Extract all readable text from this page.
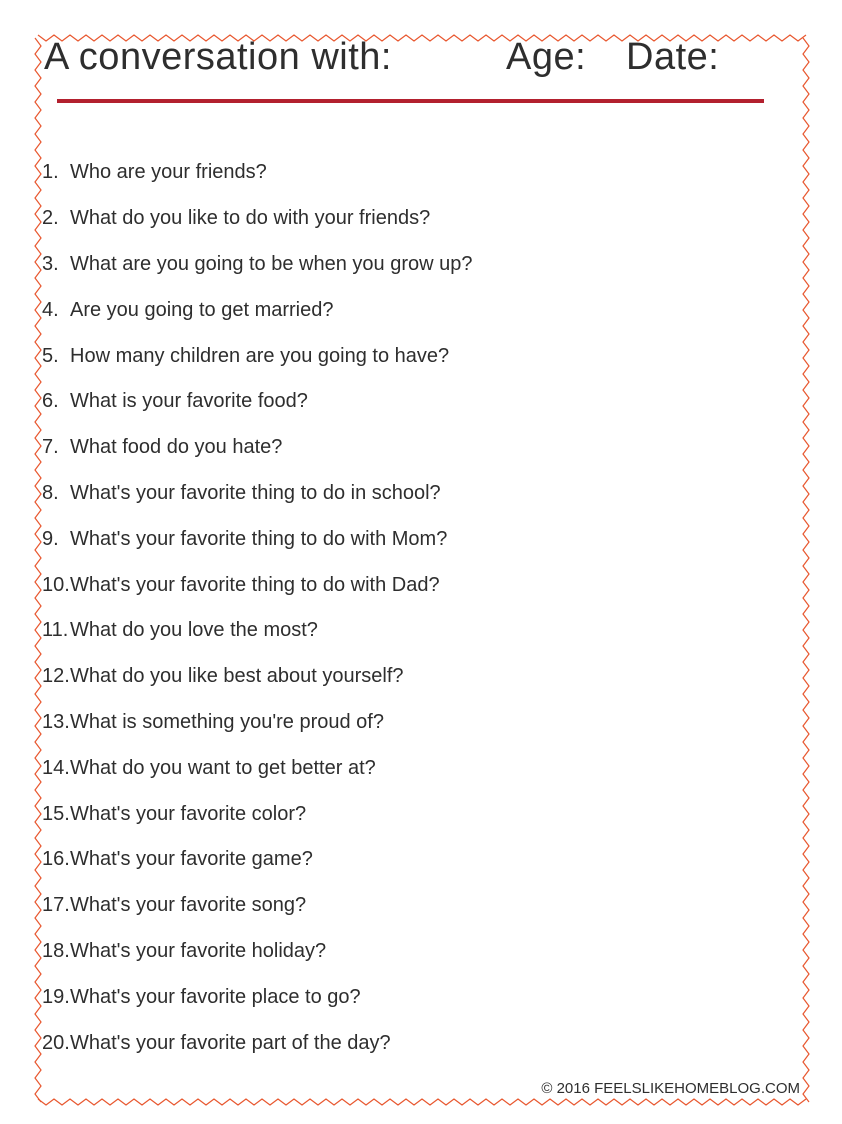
A conversation with:	Age: Date:
1. Who are your friends?
2. What do you like to do with your friends?
3. What are you going to be when you grow up?
4. Are you going to get married?
5. How many children are you going to have?
6. What is your favorite food?
7. What food do you hate?
8. What's your favorite thing to do in school?
9. What's your favorite thing to do with Mom?
10. What's your favorite thing to do with Dad?
11. What do you love the most?
12. What do you like best about yourself?
13. What is something you're proud of?
14. What do you want to get better at?
15. What's your favorite color?
16. What's your favorite game?
17. What's your favorite song?
18. What's your favorite holiday?
19. What's your favorite place to go?
20. What's your favorite part of the day?
© 2016 FEELSLIKEHOMEBLOG.COM
